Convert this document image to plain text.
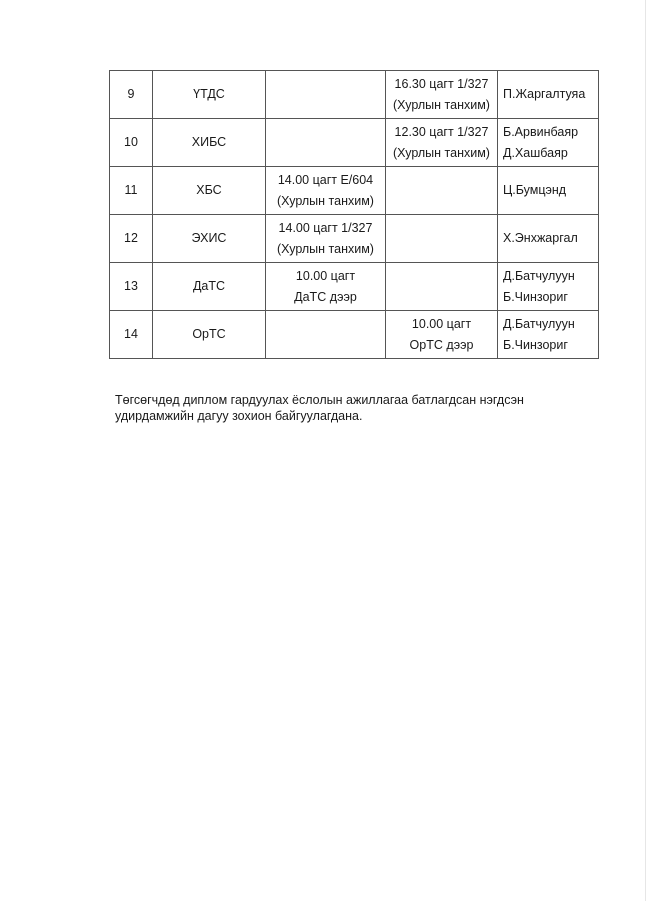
9	ҮТДС		16.30 цагт 1/327
(Хурлын танхим)	П.Жаргалтуяа

10	ХИБС		12.30 цагт 1/327
(Хурлын танхим)	Б.Арвинбаяр
Д.Хашбаяр

11	ХБС	14.00 цагт Е/604
(Хурлын танхим)		Ц.Бумцэнд

12	ЭХИС	14.00 цагт 1/327
(Хурлын танхим)		Х.Энхжаргал

13	ДаТС	10.00 цагт
ДаТС дээр		Д.Батчулуун
Б.Чинзориг

14	ОрТС		10.00 цагт
ОрТС дээр	Д.Батчулуун
Б.Чинзориг

Төгсөгчдөд диплом гардуулах ёслолын ажиллагаа батлагдсан нэгдсэн
удирдамжийн дагуу зохион байгуулагдана.
